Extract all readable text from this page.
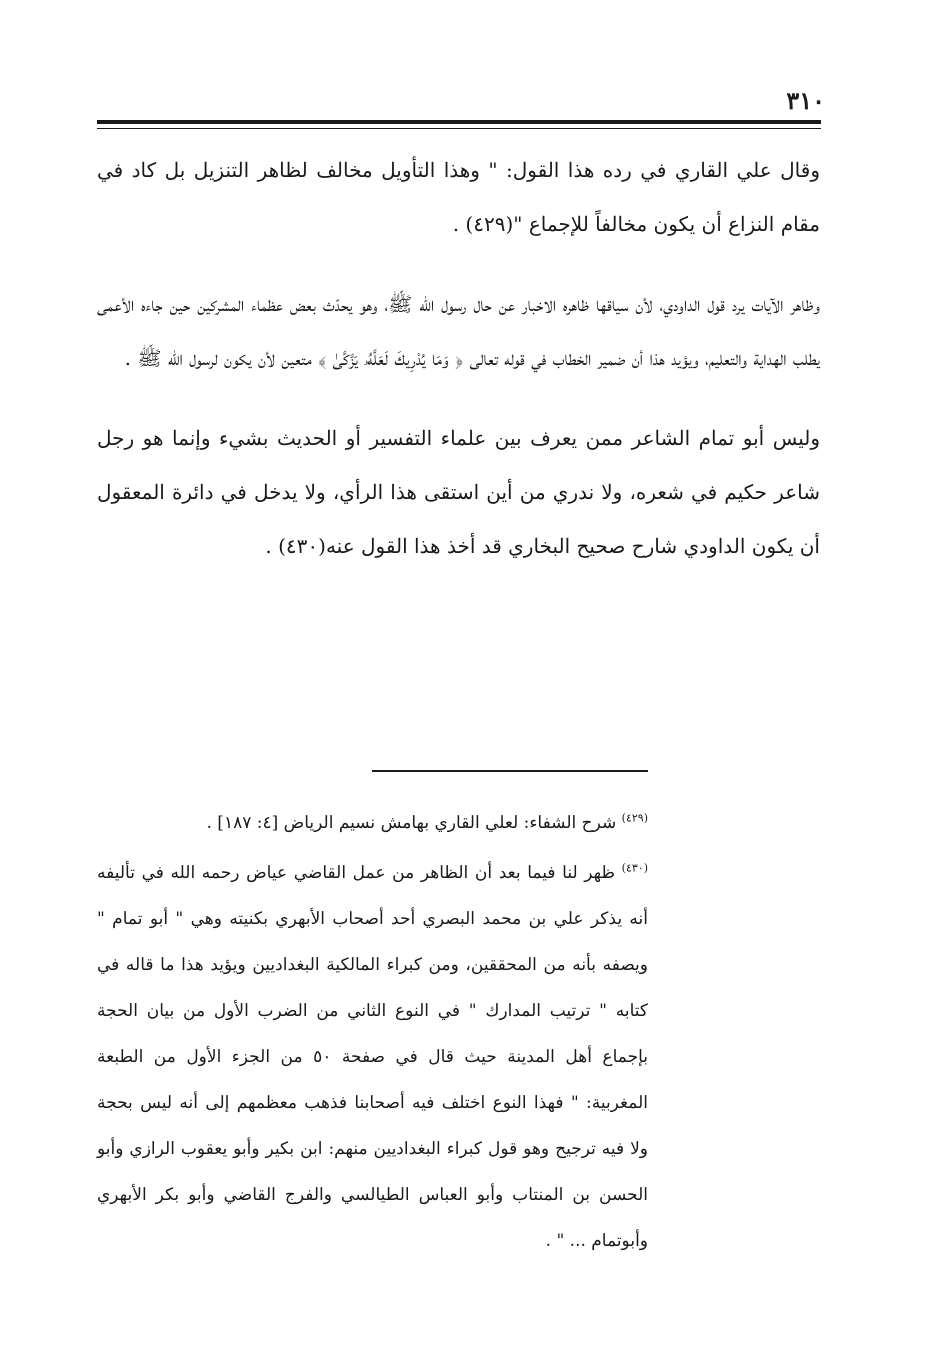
٣١٠

وقال علي القاري في رده هذا القول: " وهذا التأويل مخالف لظاهر التنزيل بل كاد في مقام النزاع أن يكون مخالفاً للإجماع "(٤٢٩) .

وظاهر الآيات يرد قول الداودي، لأن سياقها ظاهره الاخبار عن حال رسول الله ﷺ، وهو يحدّث بعض عظماء المشركين حين جاءه الأعمى يطلب الهداية والتعليم، ويؤيد هذا أن ضمير الخطاب في قوله تعالى ﴿ وَمَا يُدْرِيكَ لَعَلَّهُۥ يَزَّكَّىٰ ﴾ متعين لأن يكون لرسول الله ﷺ .

وليس أبو تمام الشاعر ممن يعرف بين علماء التفسير أو الحديث بشيء وإنما هو رجل شاعر حكيم في شعره، ولا ندري من أين استقى هذا الرأي، ولا يدخل في دائرة المعقول أن يكون الداودي شارح صحيح البخاري قد أخذ هذا القول عنه(٤٣٠) .

$^{(٤٢٩)}$ شرح الشفاء: لعلي القاري بهامش نسيم الرياض [٤: ١٨٧] .

$^{(٤٣٠)}$ ظهر لنا فيما بعد أن الظاهر من عمل القاضي عياض رحمه الله في تأليفه أنه يذكر علي بن محمد البصري أحد أصحاب الأبهري بكنيته وهي " أبو تمام " ويصفه بأنه من المحققين، ومن كبراء المالكية البغداديين ويؤيد هذا ما قاله في كتابه " ترتيب المدارك " في النوع الثاني من الضرب الأول من بيان الحجة بإجماع أهل المدينة حيث قال في صفحة ٥٠ من الجزء الأول من الطبعة المغربية: " فهذا النوع اختلف فيه أصحابنا فذهب معظمهم إلى أنه ليس بحجة ولا فيه ترجيح وهو قول كبراء البغداديين منهم: ابن بكير وأبو يعقوب الرازي وأبو الحسن بن المنتاب وأبو العباس الطيالسي والفرج القاضي وأبو بكر الأبهري وأبوتمام ... " .
